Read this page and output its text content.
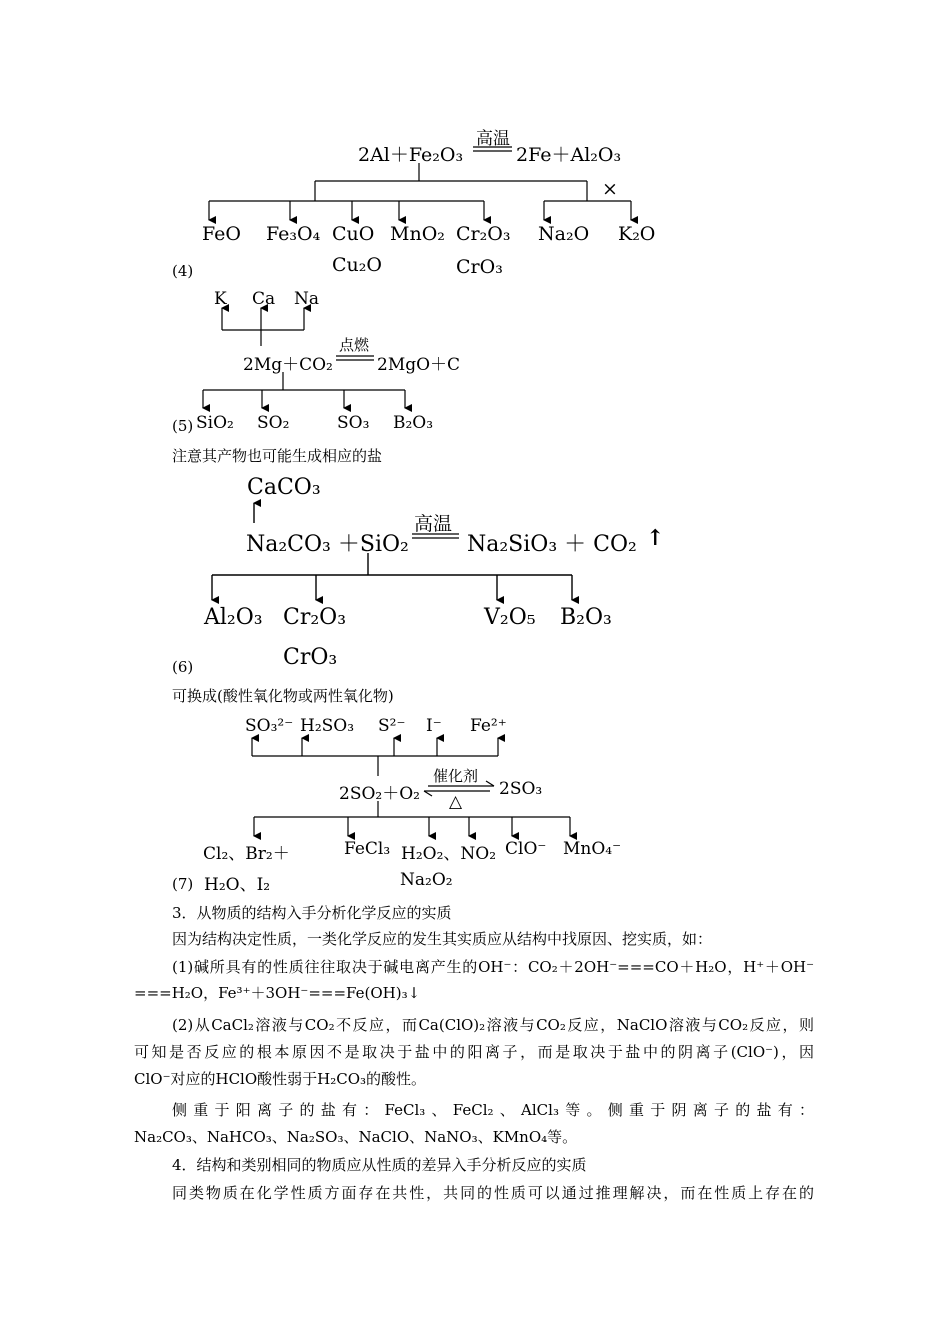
2Al＋Fe₂O₃
高温
2Fe＋Al₂O₃
×
FeO Fe₃O₄ CuO MnO₂ Cr₂O₃ Na₂O K₂O
Cu₂O	CrO₃
(4)
K Ca Na
2Mg＋CO₂
点燃
2MgO＋C
SiO₂ SO₂	SO₃ B₂O₃
(5)
注意其产物也可能生成相应的盐
CaCO₃
Na₂CO₃ ＋SiO₂
高温
Na₂SiO₃ ＋ CO₂ ↑
Al₂O₃ Cr₂O₃	V₂O₅ B₂O₃
CrO₃
(6)
可换成(酸性氧化物或两性氧化物)
SO₃²⁻ H₂SO₃ S²⁻ I⁻ Fe²⁺
2SO₂＋O₂
催化剂
△
2SO₃
Cl₂、Br₂＋	FeCl₃ H₂O₂、NO₂ ClO⁻ MnO₄⁻
H₂O、I₂	Na₂O₂
(7)
3．从物质的结构入手分析化学反应的实质
因为结构决定性质，一类化学反应的发生其实质应从结构中找原因、挖实质，如：
(1)碱所具有的性质往往取决于碱电离产生的OH⁻：CO₂＋2OH⁻===CO＋H₂O，H⁺＋OH⁻
===H₂O，Fe³⁺＋3OH⁻===Fe(OH)₃↓
(2)从CaCl₂溶液与CO₂不反应，而Ca(ClO)₂溶液与CO₂反应，NaClO溶液与CO₂反应，则
可知是否反应的根本原因不是取决于盐中的阳离子，而是取决于盐中的阴离子(ClO⁻)，因
ClO⁻对应的HClO酸性弱于H₂CO₃的酸性。
侧重于阳离子的盐有：FeCl₃、FeCl₂、AlCl₃等。侧重于阴离子的盐有：
Na₂CO₃、NaHCO₃、Na₂SO₃、NaClO、NaNO₃、KMnO₄等。
4．结构和类别相同的物质应从性质的差异入手分析反应的实质
同类物质在化学性质方面存在共性，共同的性质可以通过推理解决，而在性质上存在的
